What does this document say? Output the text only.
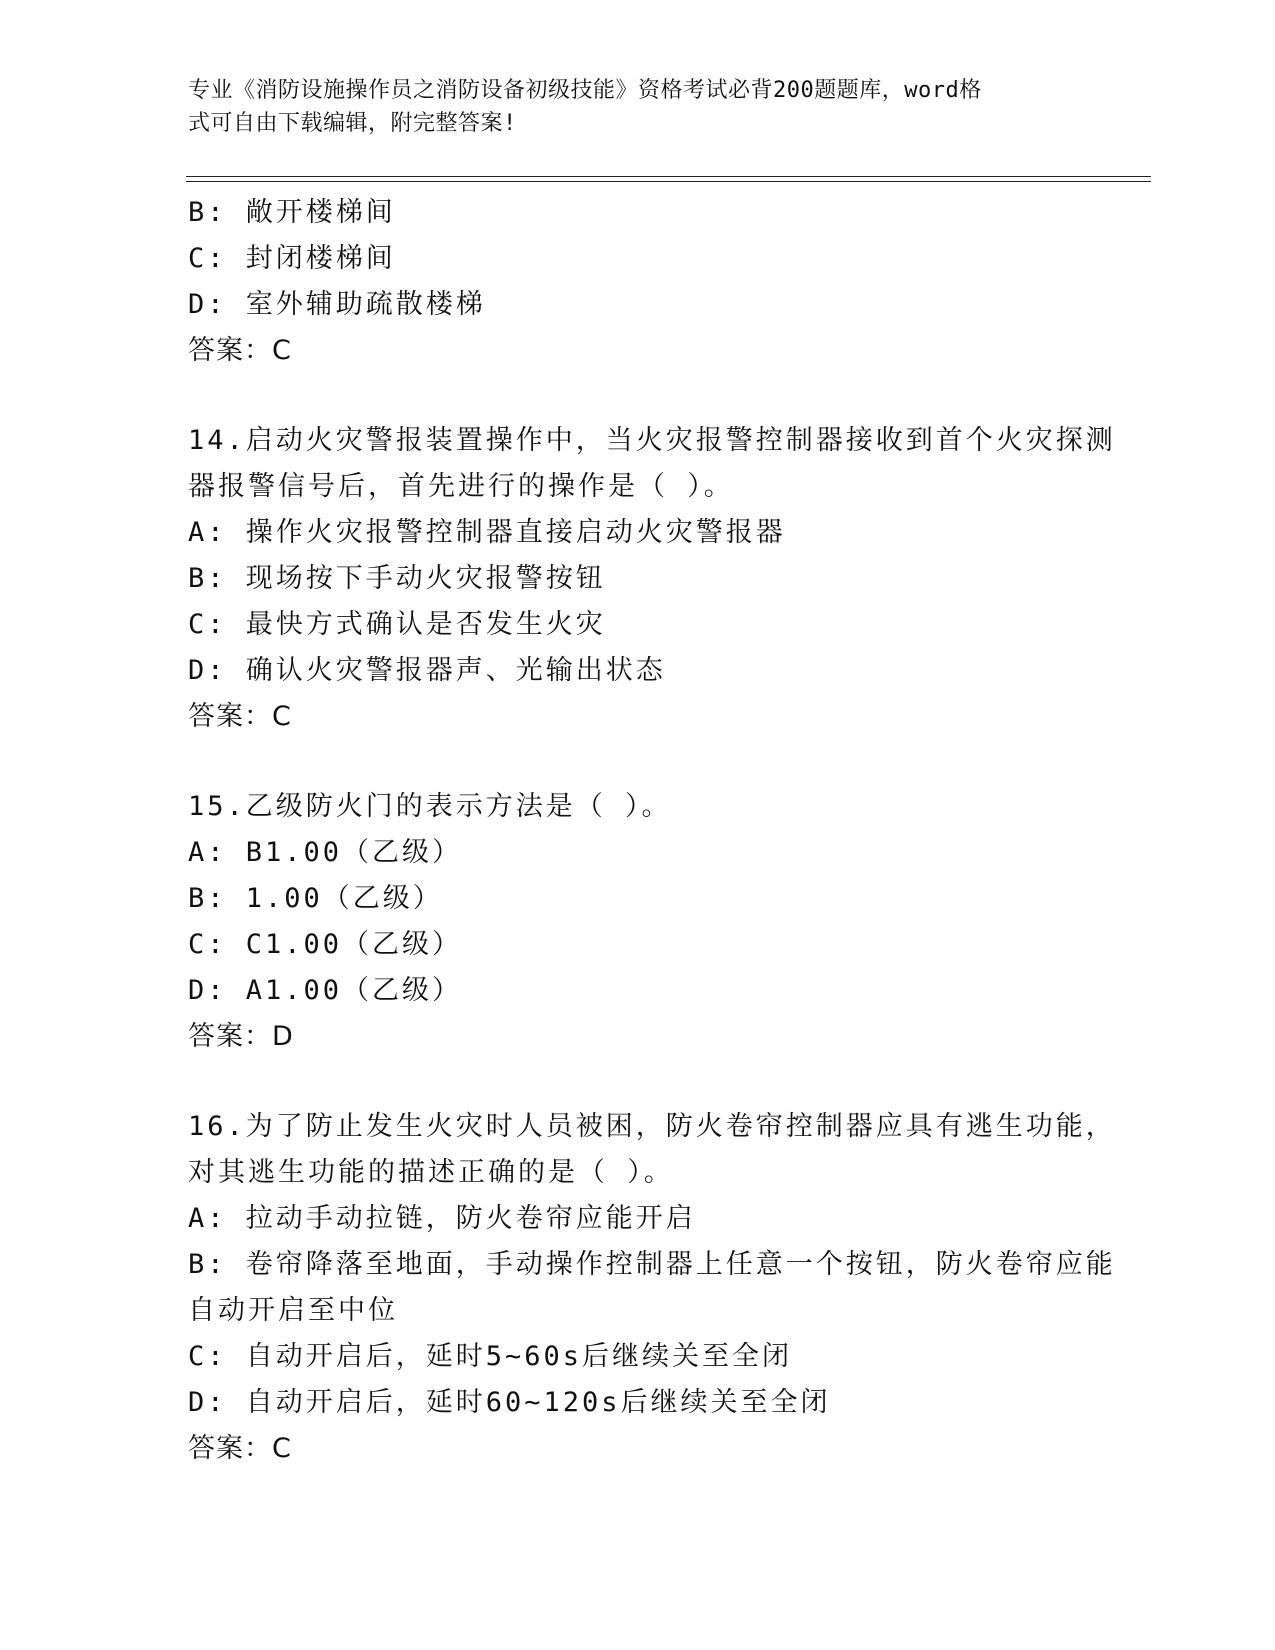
专业《消防设施操作员之消防设备初级技能》资格考试必背200题题库，word格
式可自由下载编辑，附完整答案!
B: 敞开楼梯间
C: 封闭楼梯间
D: 室外辅助疏散楼梯
答案：C
14.启动火灾警报装置操作中，当火灾报警控制器接收到首个火灾探测
器报警信号后，首先进行的操作是（ ）。
A: 操作火灾报警控制器直接启动火灾警报器
B: 现场按下手动火灾报警按钮
C: 最快方式确认是否发生火灾
D: 确认火灾警报器声、光输出状态
答案：C
15.乙级防火门的表示方法是（ ）。
A: B1.00（乙级）
B: 1.00（乙级）
C: C1.00（乙级）
D: A1.00（乙级）
答案：D
16.为了防止发生火灾时人员被困，防火卷帘控制器应具有逃生功能，
对其逃生功能的描述正确的是（ ）。
A: 拉动手动拉链，防火卷帘应能开启
B: 卷帘降落至地面，手动操作控制器上任意一个按钮，防火卷帘应能
自动开启至中位
C: 自动开启后，延时5~60s后继续关至全闭
D: 自动开启后，延时60~120s后继续关至全闭
答案：C
